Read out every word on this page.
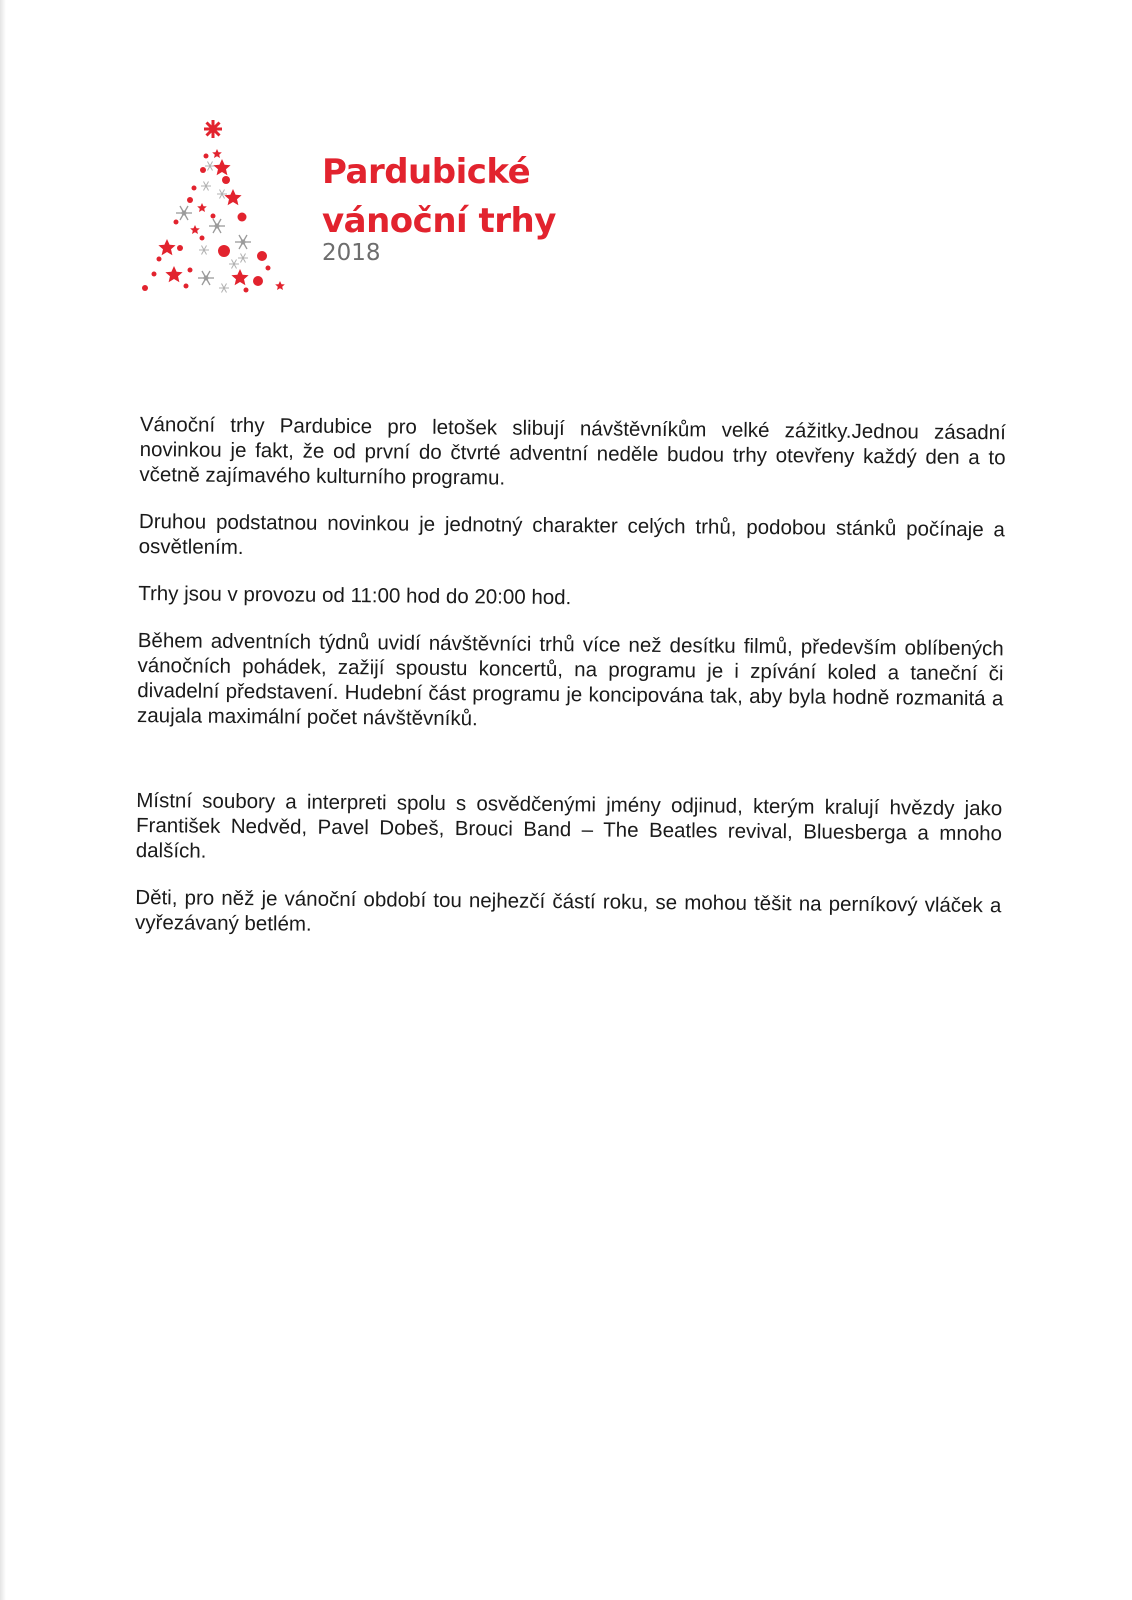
Pardubické
vánoční trhy
2018

Vánoční trhy Pardubice pro letošek slibují návštěvníkům velké zážitky.Jednou zásadní novinkou je fakt, že od první do čtvrté adventní neděle budou trhy otevřeny každý den a to včetně zajímavého kulturního programu.

Druhou podstatnou novinkou je jednotný charakter celých trhů, podobou stánků počínaje a osvětlením.

Trhy jsou v provozu od 11:00 hod do 20:00 hod.

Během adventních týdnů uvidí návštěvníci trhů více než desítku filmů, především oblíbených vánočních pohádek, zažijí spoustu koncertů, na programu je i zpívání koled a taneční či divadelní představení. Hudební část programu je koncipována tak, aby byla hodně rozmanitá a zaujala maximální počet návštěvníků.

Místní soubory a interpreti spolu s osvědčenými jmény odjinud, kterým kralují hvězdy jako František Nedvěd, Pavel Dobeš, Brouci Band – The Beatles revival, Bluesberga a mnoho dalších.

Děti, pro něž je vánoční období tou nejhezčí částí roku, se mohou těšit na perníkový vláček a vyřezávaný betlém.
